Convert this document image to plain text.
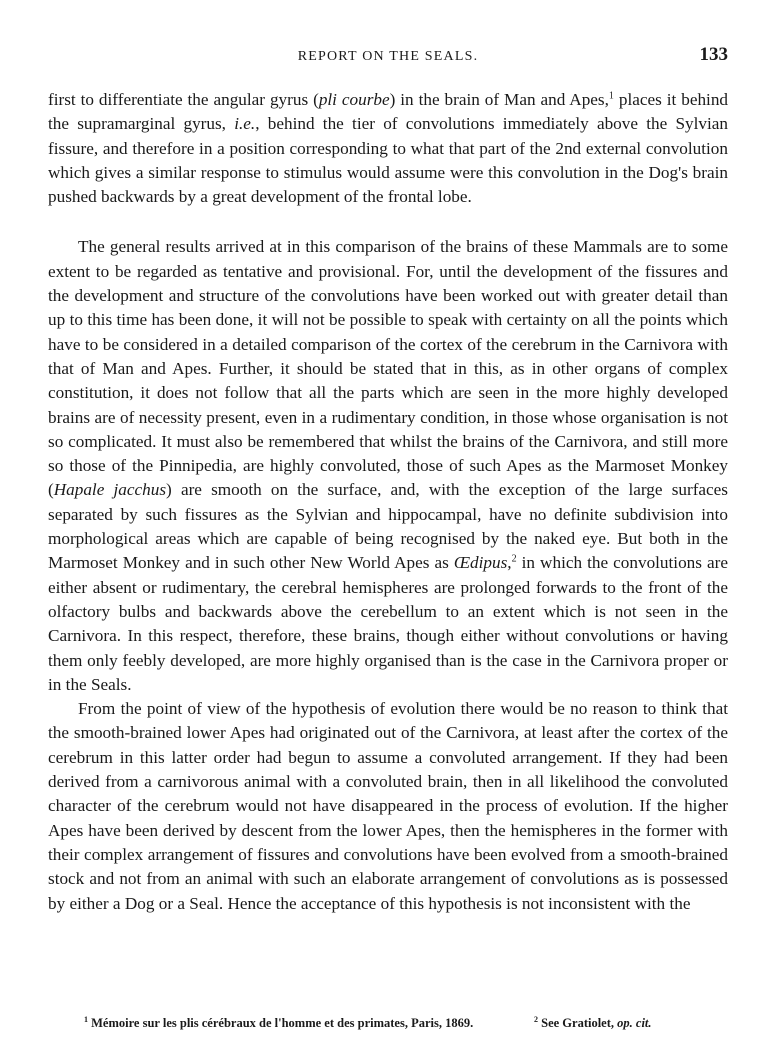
REPORT ON THE SEALS.	133

first to differentiate the angular gyrus (pli courbe) in the brain of Man and Apes,$^1$ places it behind the supramarginal gyrus, i.e., behind the tier of convolutions immediately above the Sylvian fissure, and therefore in a position corresponding to what that part of the 2nd external convolution which gives a similar response to stimulus would assume were this convolution in the Dog's brain pushed backwards by a great development of the frontal lobe.

The general results arrived at in this comparison of the brains of these Mammals are to some extent to be regarded as tentative and provisional. For, until the development of the fissures and the development and structure of the convolutions have been worked out with greater detail than up to this time has been done, it will not be possible to speak with certainty on all the points which have to be considered in a detailed comparison of the cortex of the cerebrum in the Carnivora with that of Man and Apes. Further, it should be stated that in this, as in other organs of complex constitution, it does not follow that all the parts which are seen in the more highly developed brains are of necessity present, even in a rudimentary condition, in those whose organisation is not so complicated. It must also be remembered that whilst the brains of the Carnivora, and still more so those of the Pinnipedia, are highly convoluted, those of such Apes as the Marmoset Monkey (Hapale jacchus) are smooth on the surface, and, with the exception of the large surfaces separated by such fissures as the Sylvian and hippocampal, have no definite subdivision into morphological areas which are capable of being recognised by the naked eye. But both in the Marmoset Monkey and in such other New World Apes as Œdipus,$^2$ in which the convolutions are either absent or rudimentary, the cerebral hemispheres are prolonged forwards to the front of the olfactory bulbs and backwards above the cerebellum to an extent which is not seen in the Carnivora. In this respect, therefore, these brains, though either without convolutions or having them only feebly developed, are more highly organised than is the case in the Carnivora proper or in the Seals.

From the point of view of the hypothesis of evolution there would be no reason to think that the smooth-brained lower Apes had originated out of the Carnivora, at least after the cortex of the cerebrum in this latter order had begun to assume a convoluted arrangement. If they had been derived from a carnivorous animal with a convoluted brain, then in all likelihood the convoluted character of the cerebrum would not have disappeared in the process of evolution. If the higher Apes have been derived by descent from the lower Apes, then the hemispheres in the former with their complex arrangement of fissures and convolutions have been evolved from a smooth-brained stock and not from an animal with such an elaborate arrangement of convolutions as is possessed by either a Dog or a Seal. Hence the acceptance of this hypothesis is not inconsistent with the

$^1$ Mémoire sur les plis cérébraux de l'homme et des primates, Paris, 1869.	$^2$ See Gratiolet, op. cit.
